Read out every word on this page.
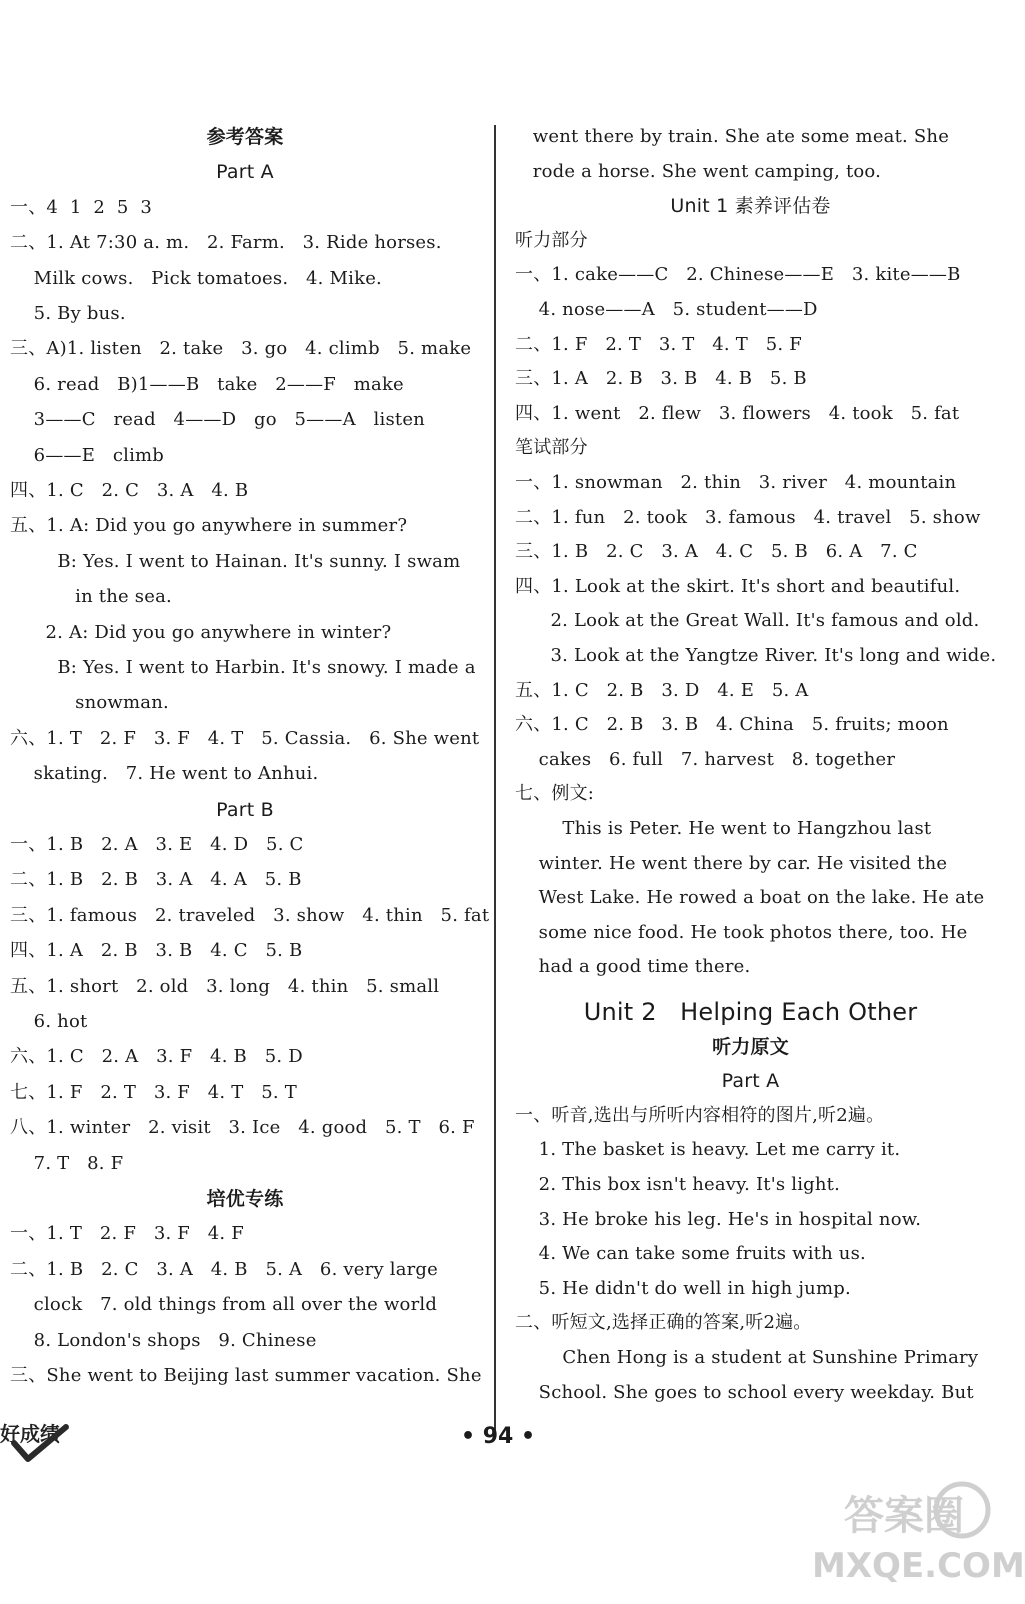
参考答案
Part A
一、4  1  2  5  3
二、1. At 7:30 a. m.   2. Farm.   3. Ride horses.
Milk cows.   Pick tomatoes.   4. Mike.
5. By bus.
三、A)1. listen   2. take   3. go   4. climb   5. make
6. read   B)1——B   take   2——F   make
3——C   read   4——D   go   5——A   listen
6——E   climb
四、1. C   2. C   3. A   4. B
五、1. A: Did you go anywhere in summer?
B: Yes. I went to Hainan. It's sunny. I swam
in the sea.
2. A: Did you go anywhere in winter?
B: Yes. I went to Harbin. It's snowy. I made a
snowman.
六、1. T   2. F   3. F   4. T   5. Cassia.   6. She went
skating.   7. He went to Anhui.
Part B
一、1. B   2. A   3. E   4. D   5. C
二、1. B   2. B   3. A   4. A   5. B
三、1. famous   2. traveled   3. show   4. thin   5. fat
四、1. A   2. B   3. B   4. C   5. B
五、1. short   2. old   3. long   4. thin   5. small
6. hot
六、1. C   2. A   3. F   4. B   5. D
七、1. F   2. T   3. F   4. T   5. T
八、1. winter   2. visit   3. Ice   4. good   5. T   6. F
7. T   8. F
培优专练
一、1. T   2. F   3. F   4. F
二、1. B   2. C   3. A   4. B   5. A   6. very large
clock   7. old things from all over the world
8. London's shops   9. Chinese
三、She went to Beijing last summer vacation. She
went there by train. She ate some meat. She
rode a horse. She went camping, too.
Unit 1 素养评估卷
听力部分
一、1. cake——C   2. Chinese——E   3. kite——B
4. nose——A   5. student——D
二、1. F   2. T   3. T   4. T   5. F
三、1. A   2. B   3. B   4. B   5. B
四、1. went   2. flew   3. flowers   4. took   5. fat
笔试部分
一、1. snowman   2. thin   3. river   4. mountain
二、1. fun   2. took   3. famous   4. travel   5. show
三、1. B   2. C   3. A   4. C   5. B   6. A   7. C
四、1. Look at the skirt. It's short and beautiful.
2. Look at the Great Wall. It's famous and old.
3. Look at the Yangtze River. It's long and wide.
五、1. C   2. B   3. D   4. E   5. A
六、1. C   2. B   3. B   4. China   5. fruits; moon
cakes   6. full   7. harvest   8. together
七、例文:
This is Peter. He went to Hangzhou last
winter. He went there by car. He visited the
West Lake. He rowed a boat on the lake. He ate
some nice food. He took photos there, too. He
had a good time there.
Unit 2   Helping Each Other
听力原文
Part A
一、听音,选出与所听内容相符的图片,听2遍。
1. The basket is heavy. Let me carry it.
2. This box isn't heavy. It's light.
3. He broke his leg. He's in hospital now.
4. We can take some fruits with us.
5. He didn't do well in high jump.
二、听短文,选择正确的答案,听2遍。
Chen Hong is a student at Sunshine Primary
School. She goes to school every weekday. But
好成绩	• 94 •
答案圈
MXQE.COM
